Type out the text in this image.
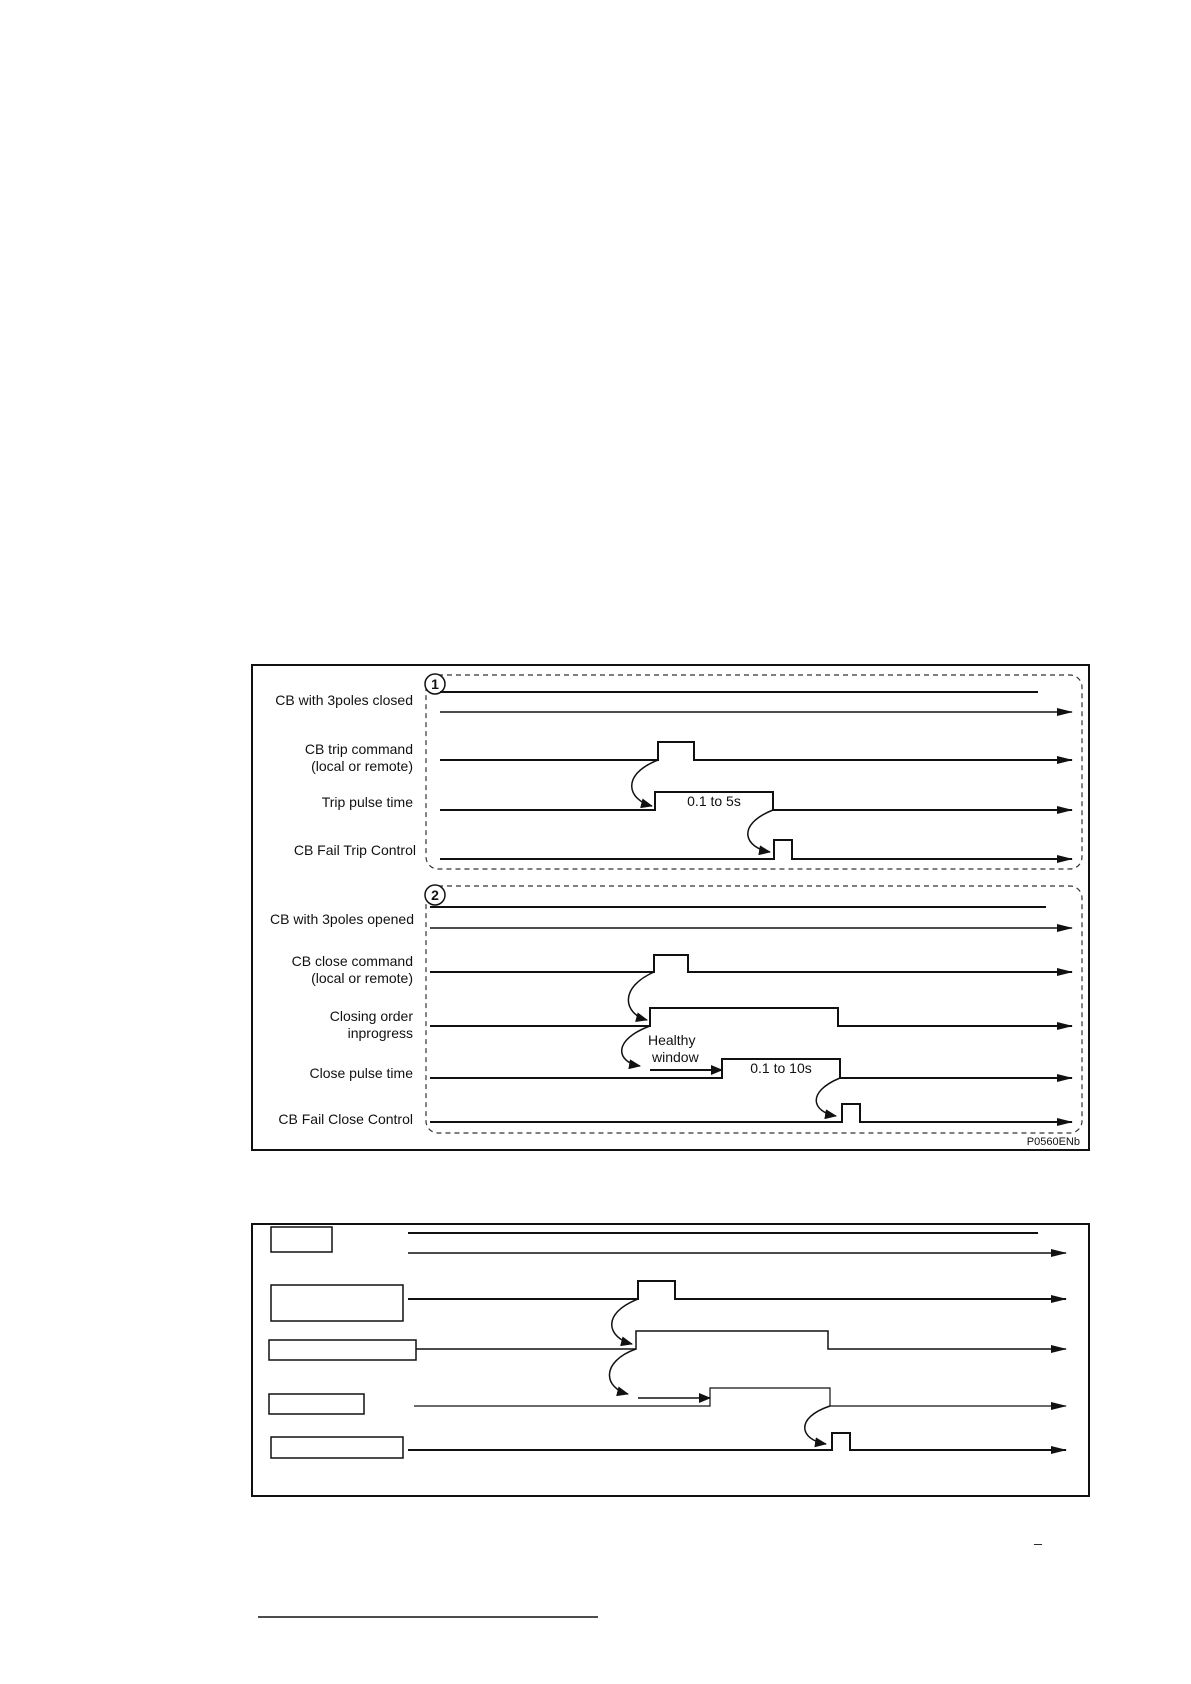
1
CB with 3poles closed
CB trip command
(local or remote)
Trip pulse time	0.1 to 5s
CB Fail Trip Control
2
CB with 3poles opened
CB close command
(local or remote)
Closing order
inprogress	Healthy
window
Close pulse time	0.1 to 10s
CB Fail Close Control
P0560ENb
_
